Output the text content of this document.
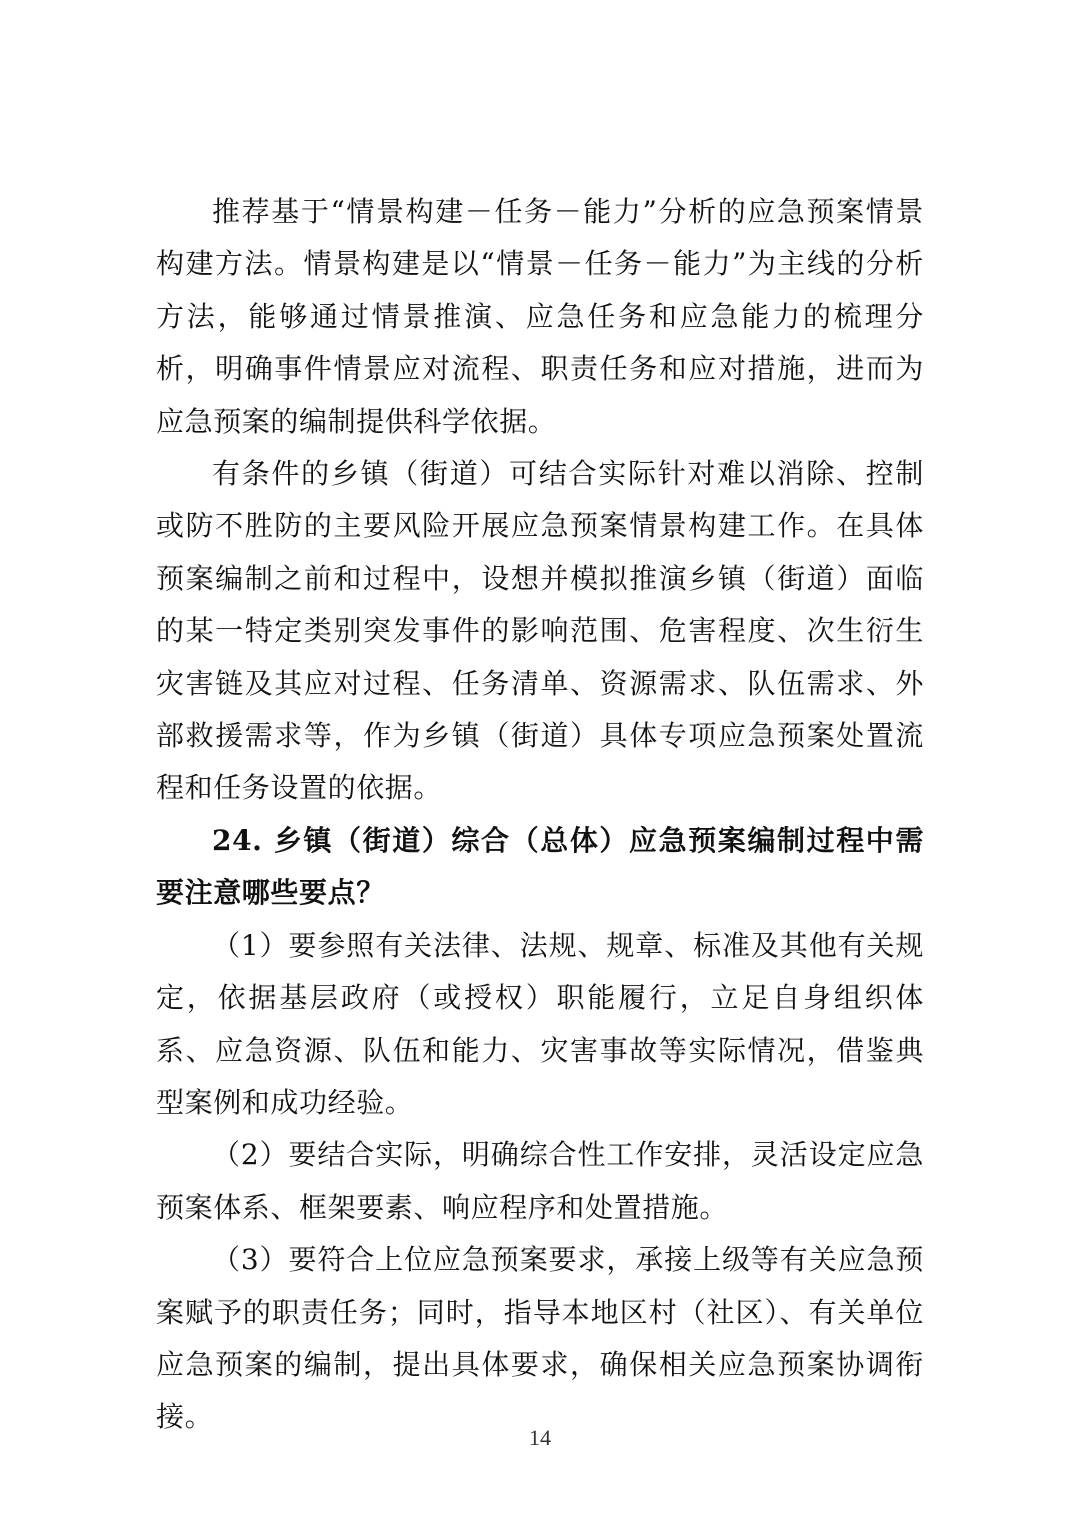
推荐基于“情景构建－任务－能力”分析的应急预案情景构建方法。情景构建是以“情景－任务－能力”为主线的分析方法，能够通过情景推演、应急任务和应急能力的梳理分析，明确事件情景应对流程、职责任务和应对措施，进而为应急预案的编制提供科学依据。

有条件的乡镇（街道）可结合实际针对难以消除、控制或防不胜防的主要风险开展应急预案情景构建工作。在具体预案编制之前和过程中，设想并模拟推演乡镇（街道）面临的某一特定类别突发事件的影响范围、危害程度、次生衍生灾害链及其应对过程、任务清单、资源需求、队伍需求、外部救援需求等，作为乡镇（街道）具体专项应急预案处置流程和任务设置的依据。

24. 乡镇（街道）综合（总体）应急预案编制过程中需要注意哪些要点？

（1）要参照有关法律、法规、规章、标准及其他有关规定，依据基层政府（或授权）职能履行，立足自身组织体系、应急资源、队伍和能力、灾害事故等实际情况，借鉴典型案例和成功经验。

（2）要结合实际，明确综合性工作安排，灵活设定应急预案体系、框架要素、响应程序和处置措施。

（3）要符合上位应急预案要求，承接上级等有关应急预案赋予的职责任务；同时，指导本地区村（社区）、有关单位应急预案的编制，提出具体要求，确保相关应急预案协调衔接。

14
